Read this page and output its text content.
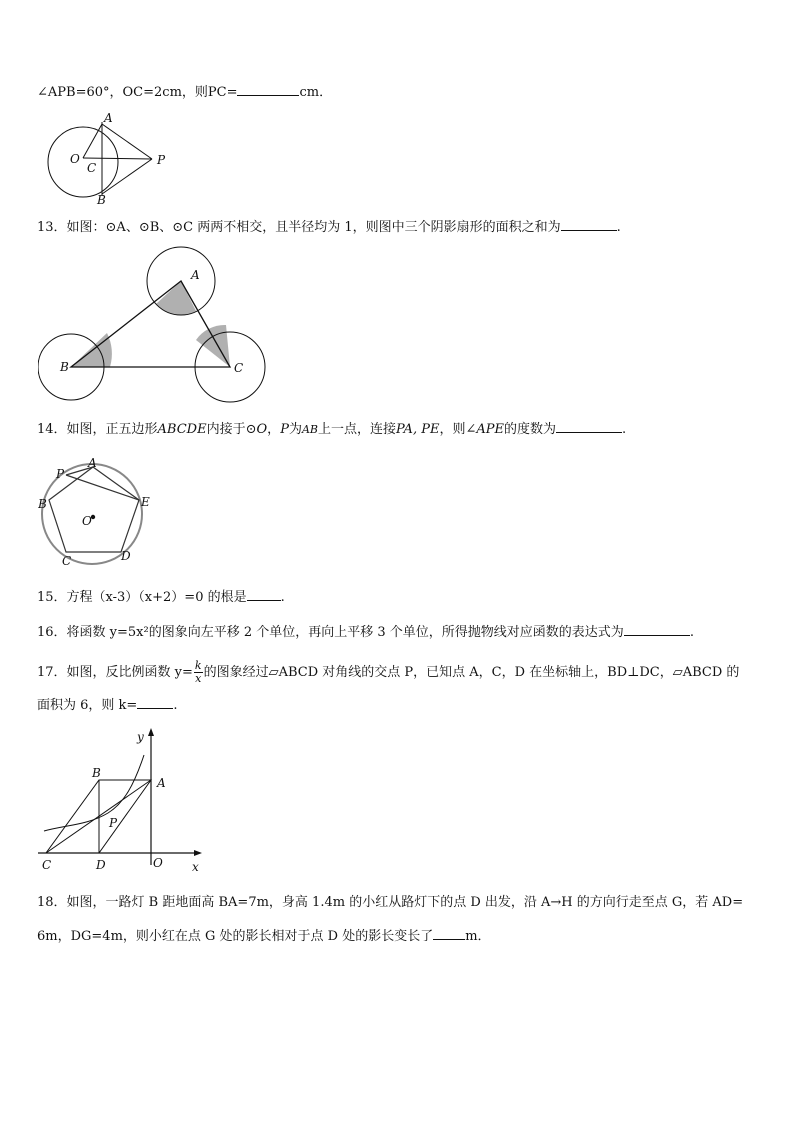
∠APB=60°，OC=2cm，则PC=	cm．
A
O
C
B
P
13．如图：⊙A、⊙B、⊙C 两两不相交，且半径均为 1，则图中三个阴影扇形的面积之和为	.
A
B	C
14．如图，正五边形ABCDE内接于⊙O，P为AB上一点，连接PA, PE，则∠APE的度数为	.
P
A
B	E
O
C	D
15．方程（x-3）（x+2）=0 的根是	.
16．将函数 y=5x²的图象向左平移 2 个单位，再向上平移 3 个单位，所得抛物线对应函数的表达式为	.
17．如图，反比例函数 $y= \frac{k}{x}$ 的图象经过▱ABCD 对角线的交点 P，已知点 A，C，D 在坐标轴上，BD⊥DC，▱ABCD 的
面积为 6，则 k=	.
y
B
A
P
C	D	O x
18．如图，一路灯 B 距地面高 BA=7m，身高 1.4m 的小红从路灯下的点 D 出发，沿 A→H 的方向行走至点 G，若 AD=
6m，DG=4m，则小红在点 G 处的影长相对于点 D 处的影长变长了 m．
